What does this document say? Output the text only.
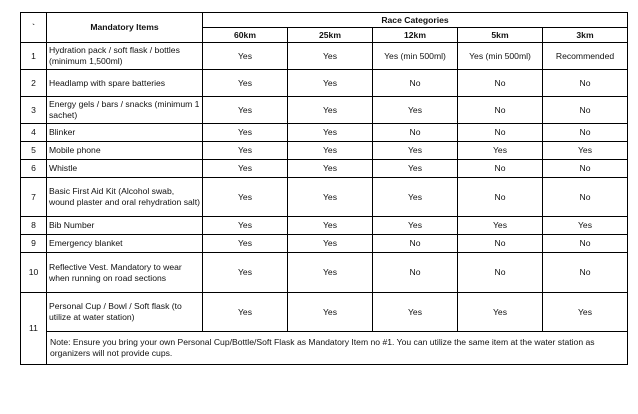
`	Mandatory Items	Race Categories				
		60km	25km	12km	5km	3km
1	Hydration pack / soft flask / bottles (minimum 1,500ml)	Yes	Yes	Yes (min 500ml)	Yes (min 500ml)	Recommended
2	Headlamp with spare batteries	Yes	Yes	No	No	No
3	Energy gels / bars / snacks (minimum 1 sachet)	Yes	Yes	Yes	No	No
4	Blinker	Yes	Yes	No	No	No
5	Mobile phone	Yes	Yes	Yes	Yes	Yes
6	Whistle	Yes	Yes	Yes	No	No
7	Basic First Aid Kit (Alcohol swab, wound plaster and oral rehydration salt)	Yes	Yes	Yes	No	No
8	Bib Number	Yes	Yes	Yes	Yes	Yes
9	Emergency blanket	Yes	Yes	No	No	No
10	Reflective Vest. Mandatory to wear when running on road sections	Yes	Yes	No	No	No
11	Personal Cup / Bowl / Soft flask (to utilize at water station)	Yes	Yes	Yes	Yes	Yes
	Note: Ensure you bring your own Personal Cup/Bottle/Soft Flask as Mandatory Item no #1. You can utilize the same item at the water station as organizers will not provide cups.					
